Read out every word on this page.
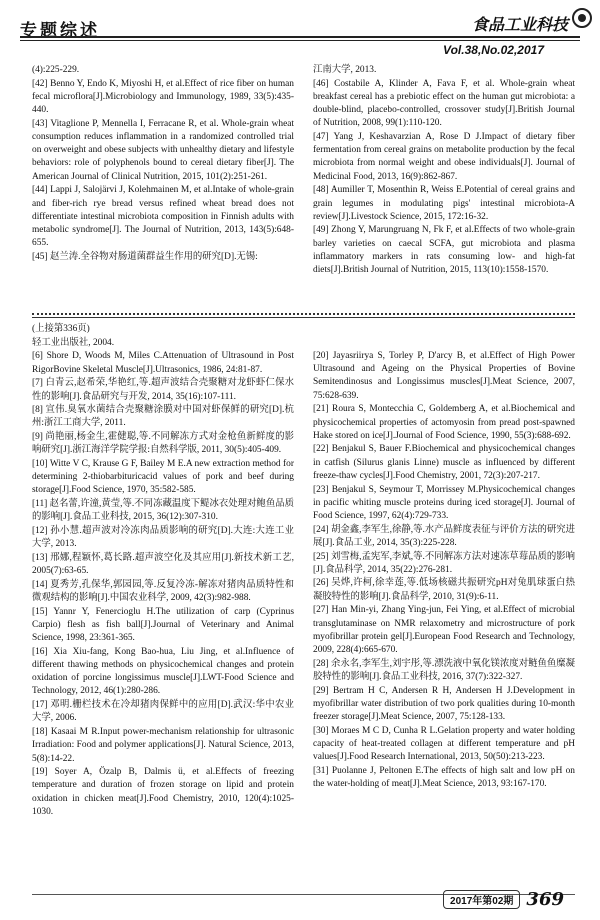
专题综述	食品工业科技
Vol.38,No.02,2017

(4):225-229.

[42] Benno Y, Endo K, Miyoshi H, et al.Effect of rice fiber on human fecal microflora[J].Microbiology and Immunology, 1989, 33(5):435-440.

[43] Vitaglione P, Mennella I, Ferracane R, et al. Whole-grain wheat consumption reduces inflammation in a randomized controlled trial on overweight and obese subjects with unhealthy dietary and lifestyle behaviors: role of polyphenols bound to cereal dietary fiber[J]. The American Journal of Clinical Nutrition, 2015, 101(2):251-261.

[44] Lappi J, Salojärvi J, Kolehmainen M, et al.Intake of whole-grain and fiber-rich rye bread versus refined wheat bread does not differentiate intestinal microbiota composition in Finnish adults with metabolic syndrome[J]. The Journal of Nutrition, 2013, 143(5):648-655.

[45] 赵兰涛.全谷物对肠道菌群益生作用的研究[D].无锡:

江南大学, 2013.

[46] Costabile A, Klinder A, Fava F, et al. Whole-grain wheat breakfast cereal has a prebiotic effect on the human gut microbiota: a double-blind, placebo-controlled, crossover study[J].British Journal of Nutrition, 2008, 99(1):110-120.

[47] Yang J, Keshavarzian A, Rose D J.Impact of dietary fiber fermentation from cereal grains on metabolite production by the fecal microbiota from normal weight and obese individuals[J]. Journal of Medicinal Food, 2013, 16(9):862-867.

[48] Aumiller T, Mosenthin R, Weiss E.Potential of cereal grains and grain legumes in modulating pigs' intestinal microbiota-A review[J].Livestock Science, 2015, 172:16-32.

[49] Zhong Y, Marungruang N, Fk F, et al.Effects of two whole-grain barley varieties on caecal SCFA, gut microbiota and plasma inflammatory markers in rats consuming low- and high-fat diets[J].British Journal of Nutrition, 2015, 113(10):1558-1570.

(上接第336页)

轻工业出版社, 2004.

[6] Shore D, Woods M, Miles C.Attenuation of Ultrasound in Post RigorBovine Skeletal Muscle[J].Ultrasonics, 1986, 24:81-87.

[7] 白青云,赵希荣,华艳红,等.超声波结合壳聚糖对龙虾虾仁保水性的影响[J].食品研究与开发, 2014, 35(16):107-111.

[8] 宣伟.臭氧水菌结合壳聚糖涂膜对中国对虾保鲜的研究[D].杭州:浙江工商大学, 2011.

[9] 尚艳丽,杨金生,霍健聪,等.不同解冻方式对金枪鱼新鲜度的影响研究[J].浙江海洋学院学报:自然科学版, 2011, 30(5):405-409.

[10] Witte V C, Krause G F, Bailey M E.A new extraction method for determining 2-thiobarbituricacid values of pork and beef during storage[J].Food Science, 1970, 35:582-585.

[11] 赵名蕾,许潼,黄莹,等.不同冻藏温度下鳀冰衣处理对鲍鱼品质的影响[J].食品工业科技, 2015, 36(12):307-310.

[12] 孙小慧.超声波对冷冻肉品质影响的研究[D].大连:大连工业大学, 2013.

[13] 邢娜,程颖怀,葛长路.超声波空化及其应用[J].新技术新工艺, 2005(7):63-65.

[14] 夏秀芳,孔保华,郭园园,等.反复冷冻-解冻对猪肉品质特性和微观结构的影响[J].中国农业科学, 2009, 42(3):982-988.

[15] Yannr Y, Fenercioglu H.The utilization of carp (Cyprinus Carpio) flesh as fish ball[J].Journal of Veterinary and Animal Science, 1998, 23:361-365.

[16] Xia Xiu-fang, Kong Bao-hua, Liu Jing, et al.Influence of different thawing methods on physicochemical changes and protein oxidation of porcine longissimus muscle[J].LWT-Food Science and Technology, 2012, 46(1):280-286.

[17] 邓明.栅栏技术在冷却猪肉保鲜中的应用[D].武汉:华中农业大学, 2006.

[18] Kasaai M R.Input power-mechanism relationship for ultrasonic Irradiation: Food and polymer applications[J]. Natural Science, 2013, 5(8):14-22.

[19] Soyer A, Özalp B, Dalmis ü, et al.Effects of freezing temperature and duration of frozen storage on lipid and protein oxidation in chicken meat[J].Food Chemistry, 2010, 120(4):1025-1030.

[20] Jayasriirya S, Torley P, D'arcy B, et al.Effect of High Power Ultrasound and Ageing on the Physical Properties of Bovine Semitendinosus and Longissimus muscles[J].Meat Science, 2007, 75:628-639.

[21] Roura S, Montecchia C, Goldemberg A, et al.Biochemical and physicochemical properties of actomyosin from pread post-spawned Hake stored on ice[J].Journal of Food Science, 1990, 55(3):688-692.

[22] Benjakul S, Bauer F.Biochemical and physicochemical changes in catfish (Silurus glanis Linne) muscle as influenced by different freeze-thaw cycles[J].Food Chemistry, 2001, 72(3):207-217.

[23] Benjakul S, Seymour T, Morrissey M.Physicochemical changes in pacific whiting muscle proteins during iced storage[J]. Journal of Food Science, 1997, 62(4):729-733.

[24] 胡金鑫,李军生,徐静,等.水产品鲜度表征与评价方法的研究进展[J].食品工业, 2014, 35(3):225-228.

[25] 刘雪梅,孟宪军,李斌,等.不同解冻方法对速冻草莓品质的影响[J].食品科学, 2014, 35(22):276-281.

[26] 吴烨,许柯,徐幸莲,等.低场核磁共振研究pH对兔肌球蛋白热凝胶特性的影响[J].食品科学, 2010, 31(9):6-11.

[27] Han Min-yi, Zhang Ying-jun, Fei Ying, et al.Effect of microbial transglutaminase on NMR relaxometry and microstructure of pork myofibrillar protein gel[J].European Food Research and Technology, 2009, 228(4):665-670.

[28] 余永名,李军生,刘宇彤,等.漂洗液中氧化镁浓度对鲢鱼鱼糜凝胶特性的影响[J].食品工业科技, 2016, 37(7):322-327.

[29] Bertram H C, Andersen R H, Andersen H J.Development in myofibrillar water distribution of two pork qualities during 10-month freezer storage[J].Meat Science, 2007, 75:128-133.

[30] Moraes M C D, Cunha R L.Gelation property and water holding capacity of heat-treated collagen at different temperature and pH values[J].Food Research International, 2013, 50(50):213-223.

[31] Puolanne J, Peltonen E.The effects of high salt and low pH on the water-holding of meat[J].Meat Science, 2013, 93:167-170.

2017年第02期 369
